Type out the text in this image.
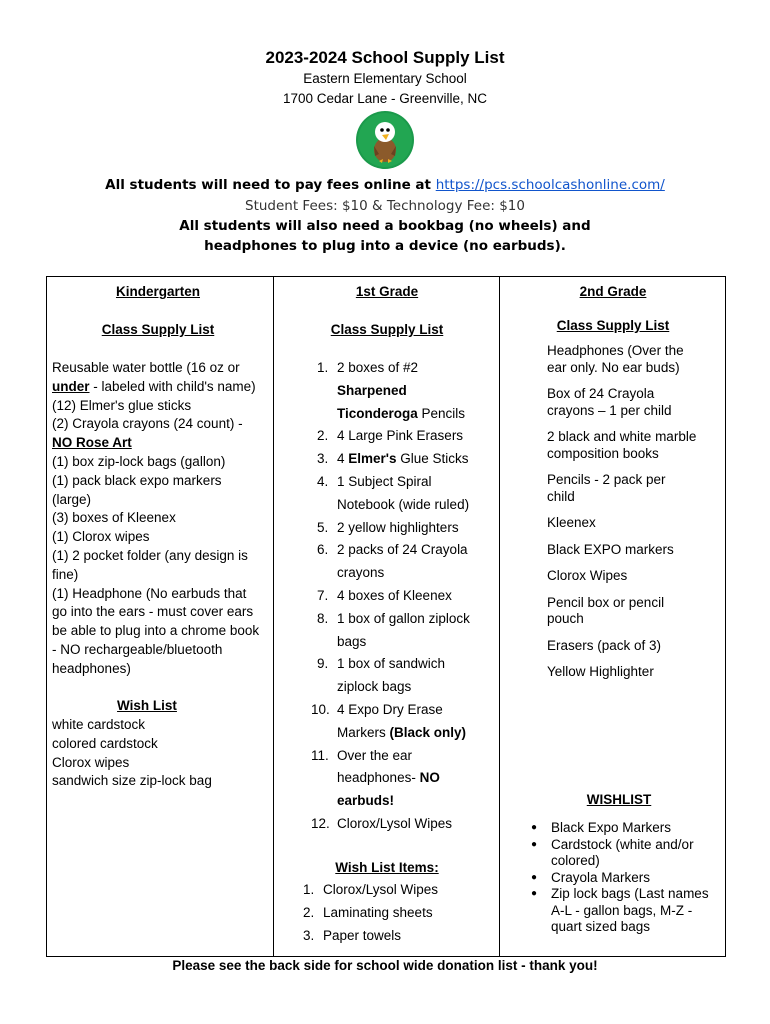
2023-2024 School Supply List
Eastern Elementary School
1700 Cedar Lane - Greenville, NC
All students will need to pay fees online at https://pcs.schoolcashonline.com/
Student Fees: $10 & Technology Fee: $10
All students will also need a bookbag (no wheels) and
headphones to plug into a device (no earbuds).
Kindergarten
Class Supply List
Reusable water bottle (16 oz or
under - labeled with child's name)
(12) Elmer's glue sticks
(2) Crayola crayons (24 count) -
NO Rose Art
(1) box zip-lock bags (gallon)
(1) pack black expo markers
(large)
(3) boxes of Kleenex
(1) Clorox wipes
(1) 2 pocket folder (any design is
fine)
(1) Headphone (No earbuds that
go into the ears - must cover ears
be able to plug into a chrome book
- NO rechargeable/bluetooth
headphones)
Wish List
white cardstock
colored cardstock
Clorox wipes
sandwich size zip-lock bag
1st Grade
Class Supply List
1. 2 boxes of #2
Sharpened
Ticonderoga Pencils
2. 4 Large Pink Erasers
3. 4 Elmer's Glue Sticks
4. 1 Subject Spiral
Notebook (wide ruled)
5. 2 yellow highlighters
6. 2 packs of 24 Crayola
crayons
7. 4 boxes of Kleenex
8. 1 box of gallon ziplock
bags
9. 1 box of sandwich
ziplock bags
10. 4 Expo Dry Erase
Markers (Black only)
11. Over the ear
headphones- NO
earbuds!
12. Clorox/Lysol Wipes
Wish List Items:
1. Clorox/Lysol Wipes
2. Laminating sheets
3. Paper towels
2nd Grade
Class Supply List

Headphones (Over the ear only. No ear buds)

Box of 24 Crayola crayons – 1 per child

2 black and white marble composition books

Pencils - 2 pack per child

Kleenex

Black EXPO markers

Clorox Wipes

Pencil box or pencil pouch

Erasers (pack of 3)

Yellow Highlighter

WISHLIST
● Black Expo Markers
● Cardstock (white and/or colored)
● Crayola Markers
● Zip lock bags (Last names A-L - gallon bags, M-Z - quart sized bags
Please see the back side for school wide donation list - thank you!
